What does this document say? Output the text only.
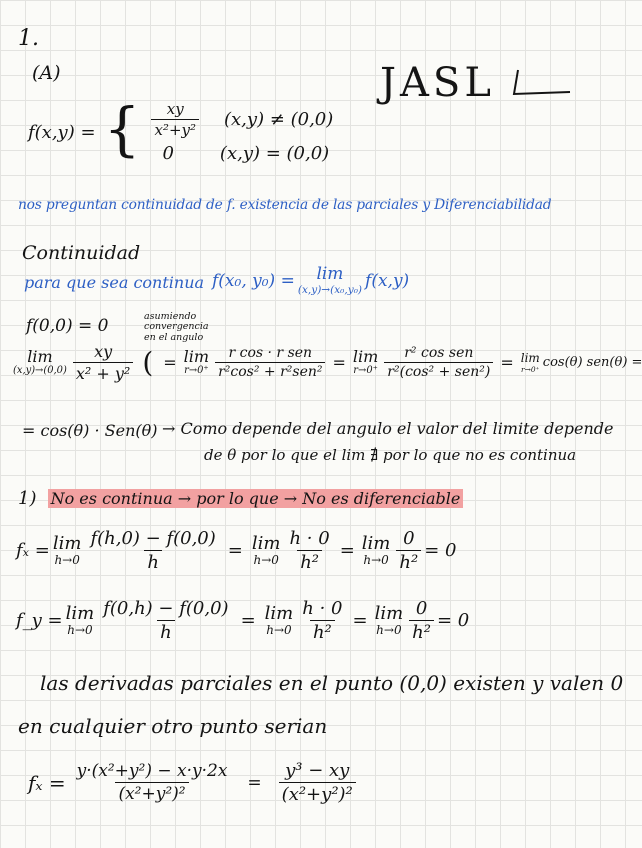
1.
(A)	JASL
f(x,y) = { $\frac{xy}{\text{x²+y²}} (x,y) \ne (0,0)$
0	(x,y) = (0,0)
nos preguntan continuidad de f. existencia de las parciales y Diferenciabilidad
Continuidad
para que sea continua f(x₀, y₀) = lim
(x,y)→(x₀,y₀) f(x,y)
f(0,0) = 0	asumiendo
convergencia
en el angulo
lim
$(x,y)\to(0,0) \frac{xy}{\text{x² + y²}}$ ( = lim
$r\to 0^+ \frac{\text{r cos · r sen}}{\text{r²cos² + r²sen²}} = \lim$
$r\to 0^+ \frac{\text{r² cos sen}}{\text{r²(cos² + sen²)}} = \lim$
r→0⁺ cos(θ) sen(θ) =
= cos(θ) · Sen(θ) → Como depende del angulo el valor del limite depende
de θ por lo que el lim ∄ por lo que no es continua
1) No es continua → por lo que → No es diferenciable
fₓ = lim
$h\to 0 \frac{f(h,0) - f(0,0)}{h} = \lim$
$h\to 0 \frac{h \cdot 0}{\text{h²}} = \lim$
$h\to 0 \frac{0}{\text{h²}} = 0$
f_y = lim
$h\to 0 \frac{f(0,h) - f(0,0)}{h} = \lim$
$h\to 0 \frac{h \cdot 0}{\text{h²}} = \lim$
$h\to 0 \frac{0}{\text{h²}} = 0$
las derivadas parciales en el punto (0,0) existen y valen 0
en cualquier otro punto serian
$f_x = \frac{\text{y·(x²+y²) − x·y·2x}}{\text{(x²+y²)²}} = \frac{\text{y³ − xy}}{\text{(x²+y²)²}}$
